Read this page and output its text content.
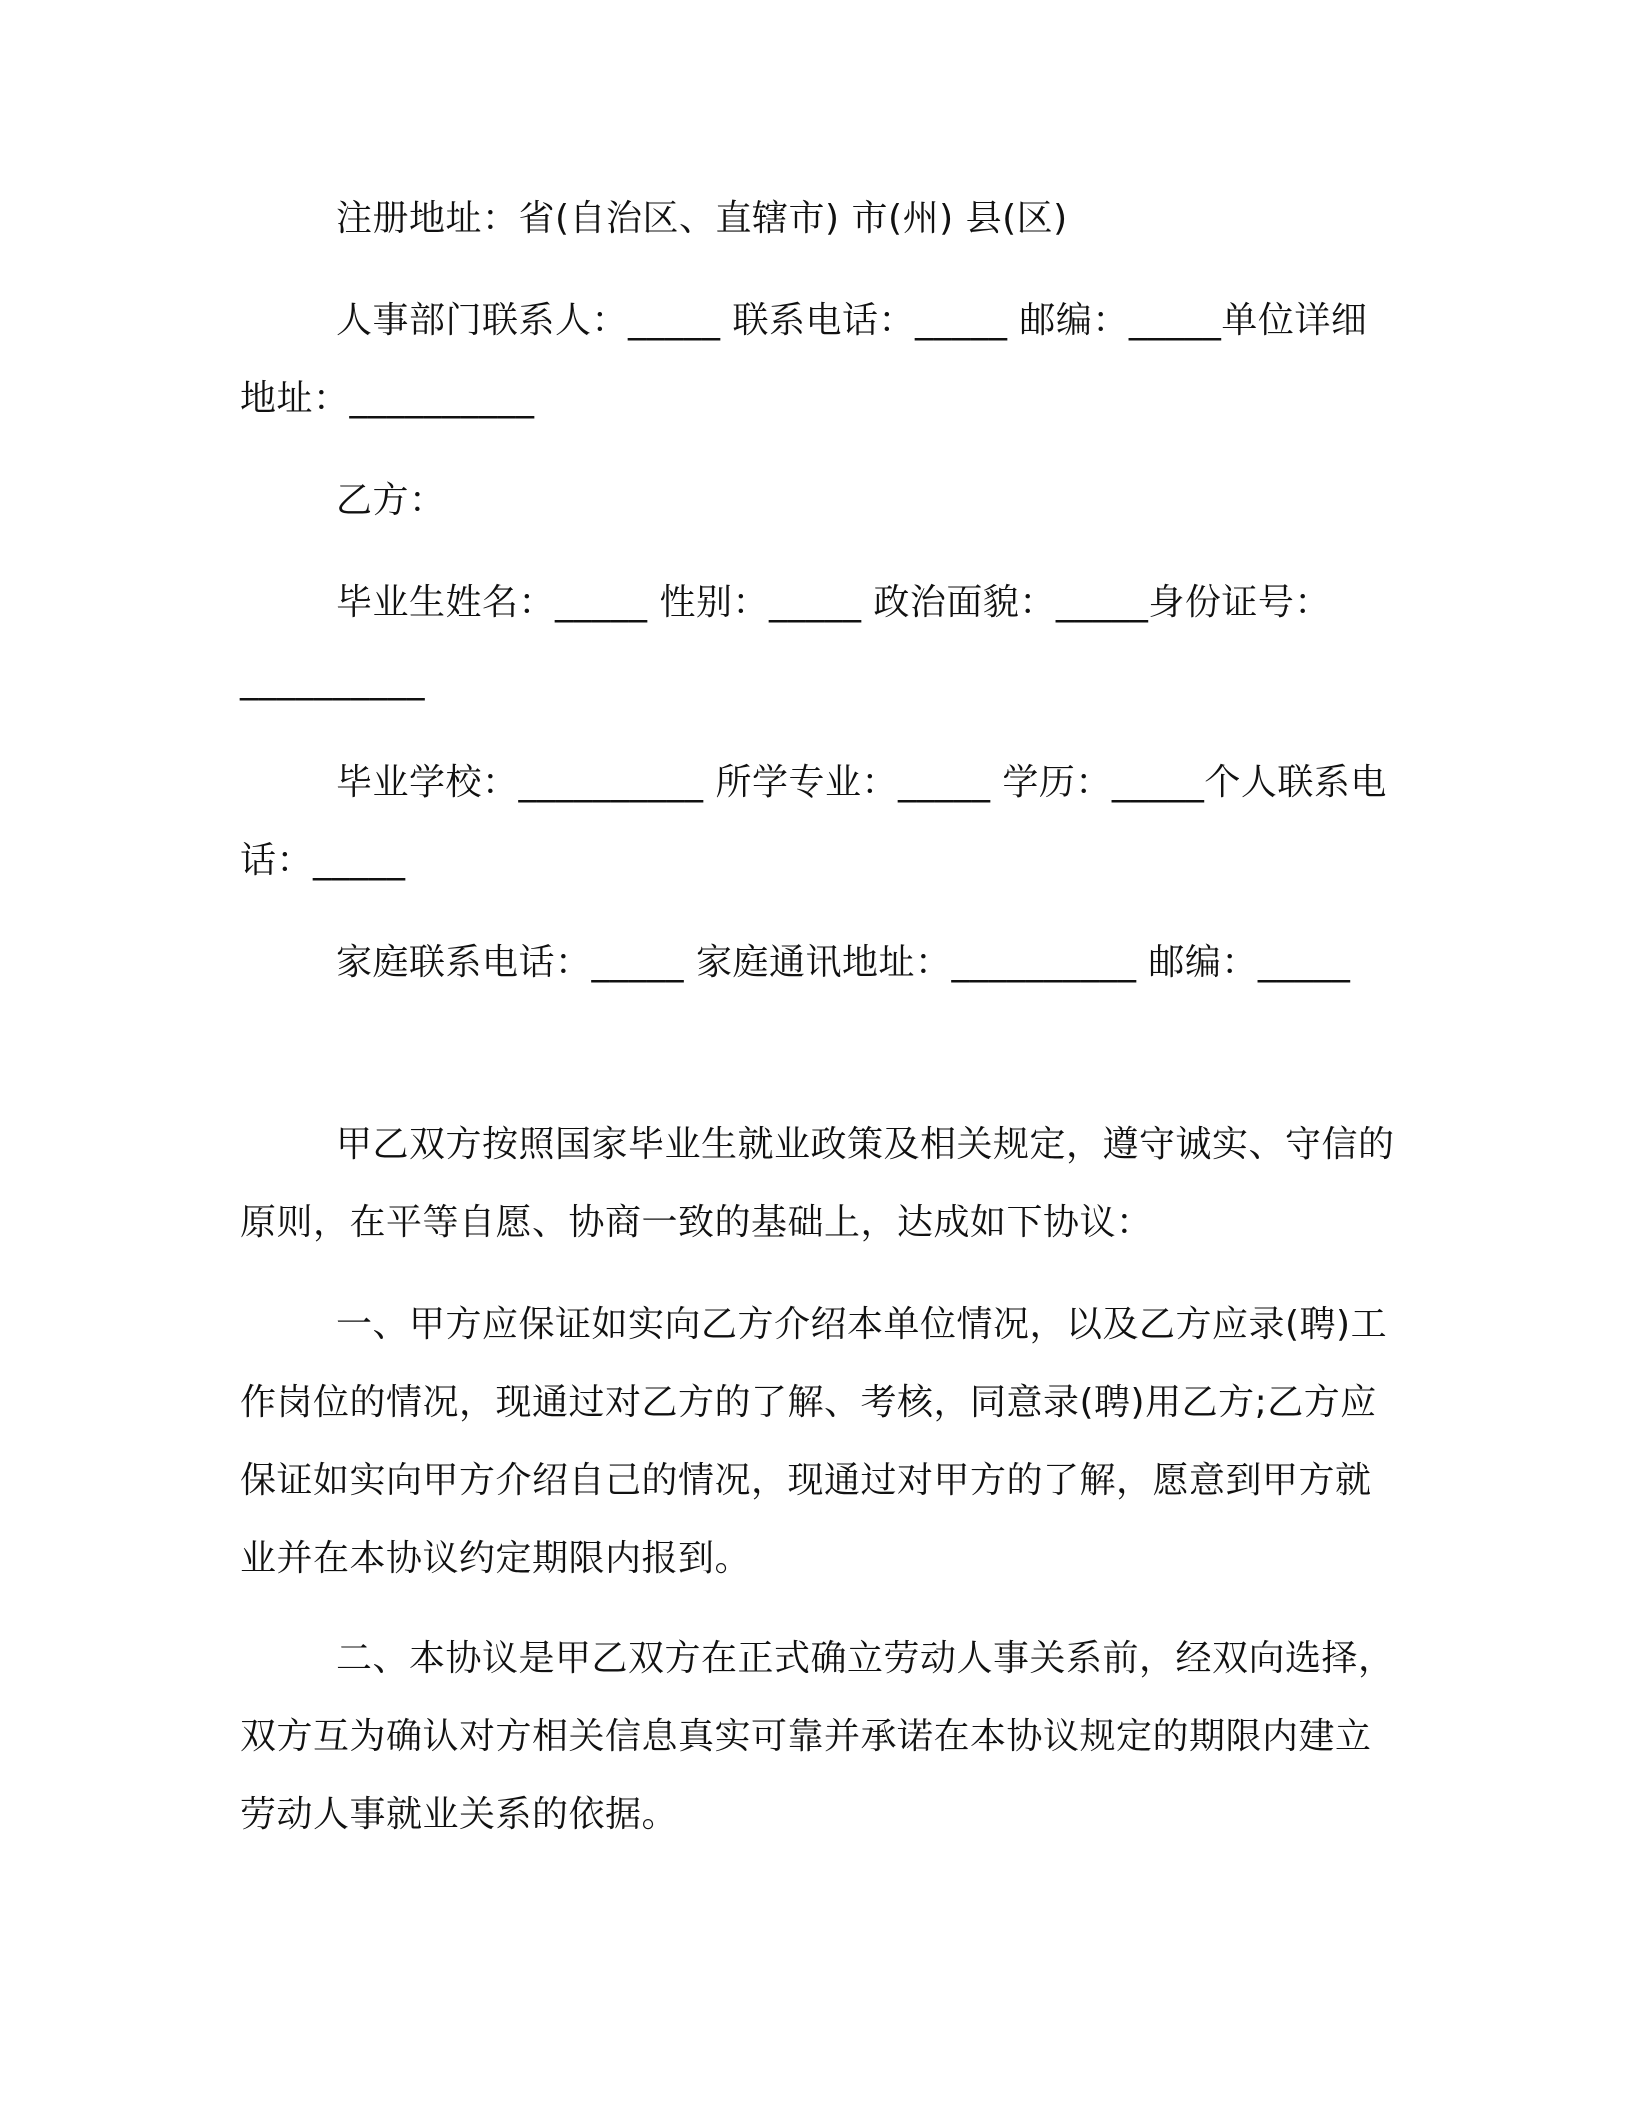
注册地址：省(自治区、直辖市) 市(州) 县(区)
人事部门联系人：_____ 联系电话：_____ 邮编：_____单位详细地址：__________
乙方：
毕业生姓名：_____ 性别：_____ 政治面貌：_____身份证号：__________
毕业学校：__________ 所学专业：_____ 学历：_____个人联系电话：_____
家庭联系电话：_____ 家庭通讯地址：__________ 邮编：_____
甲乙双方按照国家毕业生就业政策及相关规定，遵守诚实、守信的原则，在平等自愿、协商一致的基础上，达成如下协议：
一、甲方应保证如实向乙方介绍本单位情况，以及乙方应录(聘)工作岗位的情况，现通过对乙方的了解、考核，同意录(聘)用乙方;乙方应保证如实向甲方介绍自己的情况，现通过对甲方的了解，愿意到甲方就业并在本协议约定期限内报到。
二、本协议是甲乙双方在正式确立劳动人事关系前，经双向选择，双方互为确认对方相关信息真实可靠并承诺在本协议规定的期限内建立劳动人事就业关系的依据。
